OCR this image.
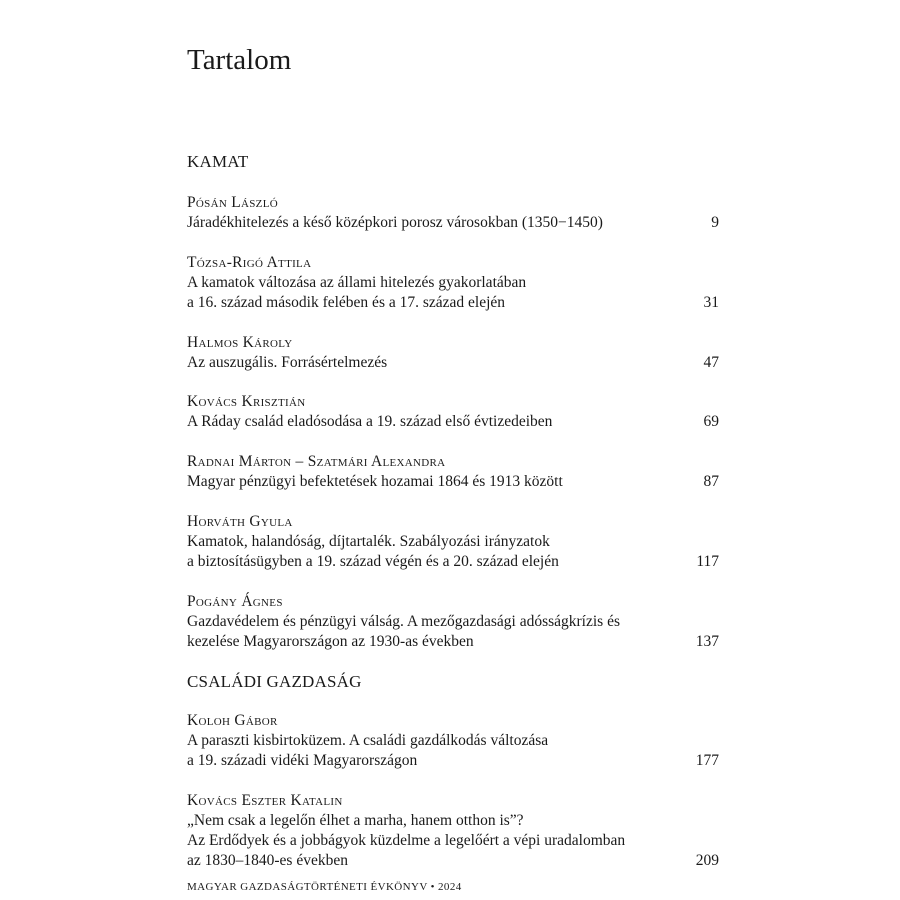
Tartalom
KAMAT
Pósán László
Járadékhitelezés a késő középkori porosz városokban (1350−1450)	9
Tózsa-Rigó Attila
A kamatok változása az állami hitelezés gyakorlatában
a 16. század második felében és a 17. század elején	31
Halmos Károly
Az auszugális. Forrásértelmezés	47
Kovács Krisztián
A Ráday család eladósodása a 19. század első évtizedeiben	69
Radnai Márton – Szatmári Alexandra
Magyar pénzügyi befektetések hozamai 1864 és 1913 között	87
Horváth Gyula
Kamatok, halandóság, díjtartalék. Szabályozási irányzatok
a biztosításügyben a 19. század végén és a 20. század elején	117
Pogány Ágnes
Gazdavédelem és pénzügyi válság. A mezőgazdasági adósságkrízis és
kezelése Magyarországon az 1930-as években	137
CSALÁDI GAZDASÁG
Koloh Gábor
A paraszti kisbirtoküzem. A családi gazdálkodás változása
a 19. századi vidéki Magyarországon	177
Kovács Eszter Katalin
„Nem csak a legelőn élhet a marha, hanem otthon is”?
Az Erdődyek és a jobbágyok küzdelme a legelőért a vépi uradalomban
az 1830–1840-es években	209
MAGYAR GAZDASÁGTÖRTÉNETI ÉVKÖNYV • 2024
